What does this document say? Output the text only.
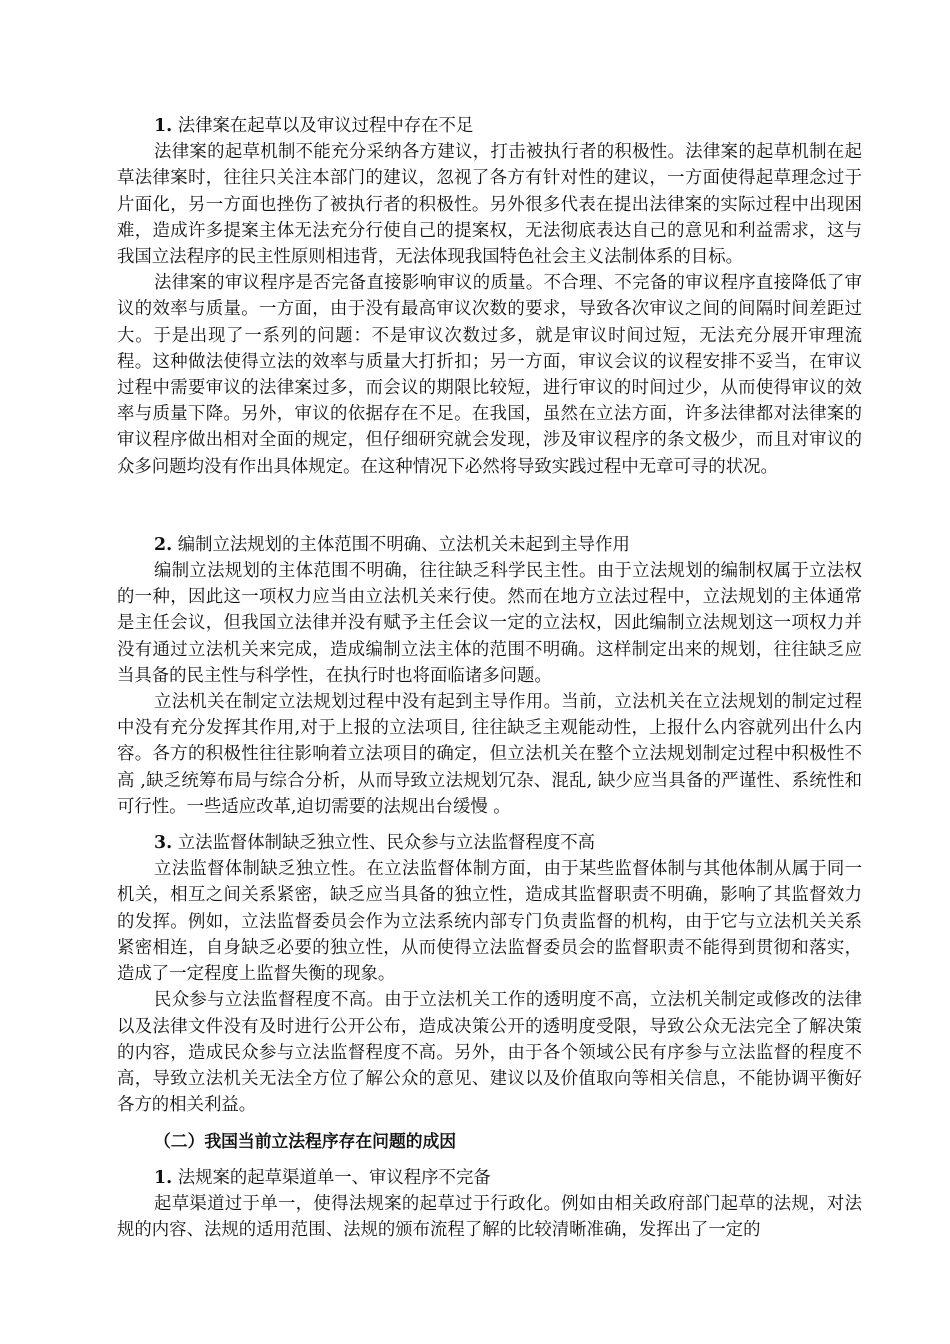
1. 法律案在起草以及审议过程中存在不足

法律案的起草机制不能充分采纳各方建议，打击被执行者的积极性。法律案的起草机制在起草法律案时，往往只关注本部门的建议，忽视了各方有针对性的建议，一方面使得起草理念过于片面化，另一方面也挫伤了被执行者的积极性。另外很多代表在提出法律案的实际过程中出现困难，造成许多提案主体无法充分行使自己的提案权，无法彻底表达自己的意见和利益需求，这与我国立法程序的民主性原则相违背，无法体现我国特色社会主义法制体系的目标。

法律案的审议程序是否完备直接影响审议的质量。不合理、不完备的审议程序直接降低了审议的效率与质量。一方面，由于没有最高审议次数的要求，导致各次审议之间的间隔时间差距过大。于是出现了一系列的问题：不是审议次数过多，就是审议时间过短，无法充分展开审理流程。这种做法使得立法的效率与质量大打折扣；另一方面，审议会议的议程安排不妥当，在审议过程中需要审议的法律案过多，而会议的期限比较短，进行审议的时间过少，从而使得审议的效率与质量下降。另外，审议的依据存在不足。在我国，虽然在立法方面，许多法律都对法律案的审议程序做出相对全面的规定，但仔细研究就会发现，涉及审议程序的条文极少，而且对审议的众多问题均没有作出具体规定。在这种情况下必然将导致实践过程中无章可寻的状况。

2. 编制立法规划的主体范围不明确、立法机关未起到主导作用

编制立法规划的主体范围不明确，往往缺乏科学民主性。由于立法规划的编制权属于立法权的一种，因此这一项权力应当由立法机关来行使。然而在地方立法过程中，立法规划的主体通常是主任会议，但我国立法律并没有赋予主任会议一定的立法权，因此编制立法规划这一项权力并没有通过立法机关来完成，造成编制立法主体的范围不明确。这样制定出来的规划，往往缺乏应当具备的民主性与科学性，在执行时也将面临诸多问题。

立法机关在制定立法规划过程中没有起到主导作用。当前，立法机关在立法规划的制定过程中没有充分发挥其作用,对于上报的立法项目, 往往缺乏主观能动性，上报什么内容就列出什么内容。各方的积极性往往影响着立法项目的确定，但立法机关在整个立法规划制定过程中积极性不高 ,缺乏统筹布局与综合分析，从而导致立法规划冗杂、混乱, 缺少应当具备的严谨性、系统性和可行性。一些适应改革,迫切需要的法规出台缓慢 。

3. 立法监督体制缺乏独立性、民众参与立法监督程度不高

立法监督体制缺乏独立性。在立法监督体制方面，由于某些监督体制与其他体制从属于同一机关，相互之间关系紧密，缺乏应当具备的独立性，造成其监督职责不明确，影响了其监督效力的发挥。例如，立法监督委员会作为立法系统内部专门负责监督的机构，由于它与立法机关关系紧密相连，自身缺乏必要的独立性，从而使得立法监督委员会的监督职责不能得到贯彻和落实，造成了一定程度上监督失衡的现象。

民众参与立法监督程度不高。由于立法机关工作的透明度不高，立法机关制定或修改的法律以及法律文件没有及时进行公开公布，造成决策公开的透明度受限，导致公众无法完全了解决策的内容，造成民众参与立法监督程度不高。另外，由于各个领域公民有序参与立法监督的程度不高，导致立法机关无法全方位了解公众的意见、建议以及价值取向等相关信息，不能协调平衡好各方的相关利益。

（二）我国当前立法程序存在问题的成因

1. 法规案的起草渠道单一、审议程序不完备

起草渠道过于单一，使得法规案的起草过于行政化。例如由相关政府部门起草的法规，对法规的内容、法规的适用范围、法规的颁布流程了解的比较清晰准确，发挥出了一定的
